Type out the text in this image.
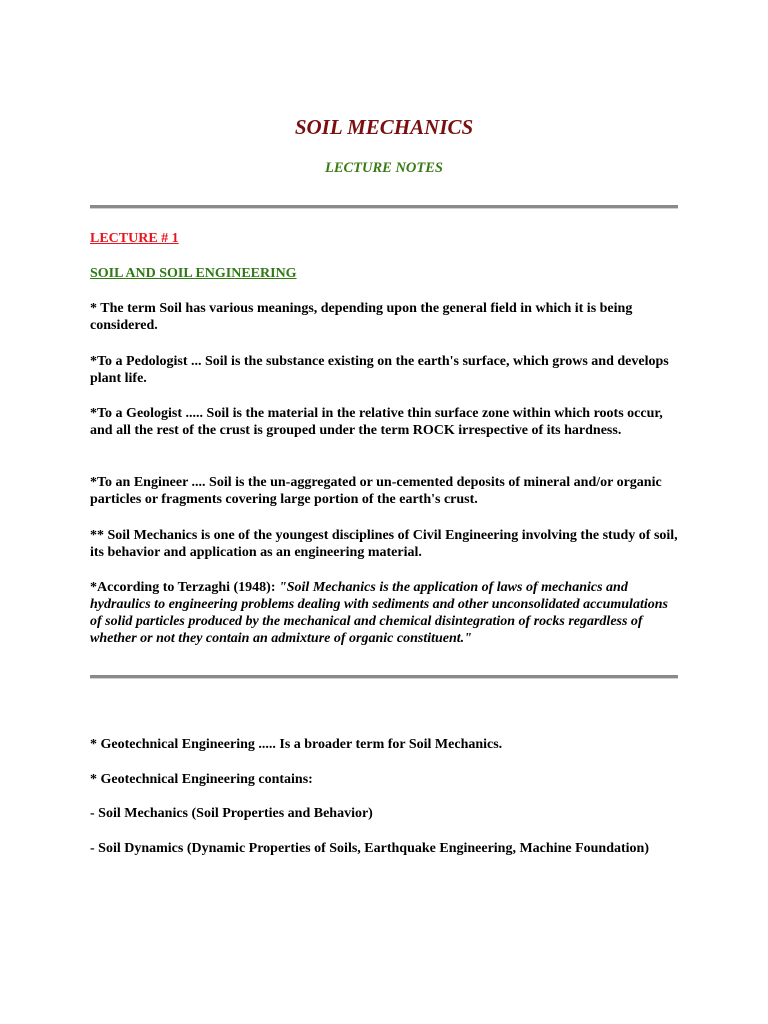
SOIL MECHANICS
LECTURE NOTES
LECTURE # 1
SOIL AND SOIL ENGINEERING
* The term Soil has various meanings, depending upon the general field in which it is being considered.
*To a Pedologist ... Soil is the substance existing on the earth's surface, which grows and develops plant life.
*To a Geologist ..... Soil is the material in the relative thin surface zone within which roots occur, and all the rest of the crust is grouped under the term ROCK irrespective of its hardness.
*To an Engineer .... Soil is the un-aggregated or un-cemented deposits of mineral and/or organic particles or fragments covering large portion of the earth's crust.
** Soil Mechanics is one of the youngest disciplines of Civil Engineering involving the study of soil, its behavior and application as an engineering material.
*According to Terzaghi (1948): "Soil Mechanics is the application of laws of mechanics and hydraulics to engineering problems dealing with sediments and other unconsolidated accumulations of solid particles produced by the mechanical and chemical disintegration of rocks regardless of whether or not they contain an admixture of organic constituent."
* Geotechnical Engineering ..... Is a broader term for Soil Mechanics.
* Geotechnical Engineering contains:
- Soil Mechanics (Soil Properties and Behavior)
- Soil Dynamics (Dynamic Properties of Soils, Earthquake Engineering, Machine Foundation)
